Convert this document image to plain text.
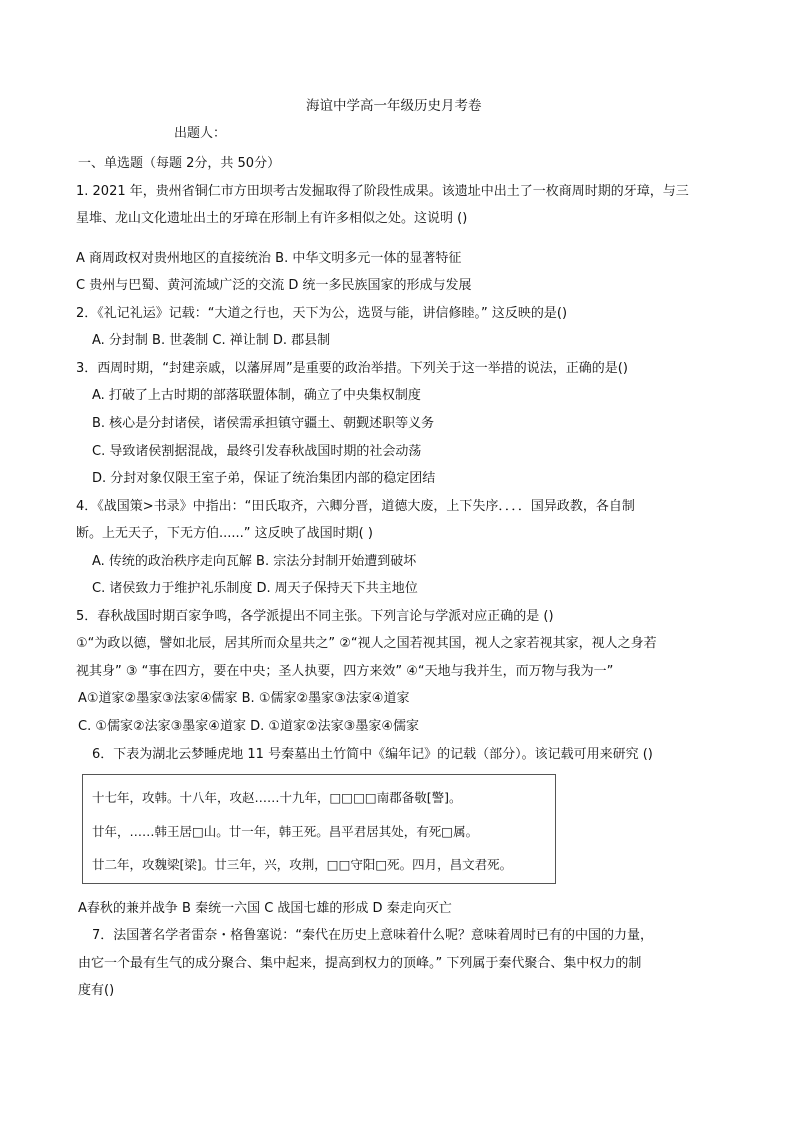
海谊中学高一年级历史月考卷
出题人：
一、单选题（每题 2分，共 50分）
1. 2021 年，贵州省铜仁市方田坝考古发掘取得了阶段性成果。该遗址中出土了一枚商周时期的牙璋，与三
星堆、龙山文化遗址出土的牙璋在形制上有许多相似之处。这说明 ()
A 商周政权对贵州地区的直接统治 B. 中华文明多元一体的显著特征
C 贵州与巴蜀、黄河流域广泛的交流 D 统一多民族国家的形成与发展
2．《礼记礼运》记载：“大道之行也，天下为公，选贤与能，讲信修睦。” 这反映的是()
A. 分封制 B. 世袭制 C. 禅让制 D. 郡县制
3．西周时期，“封建亲戚，以藩屏周”是重要的政治举措。下列关于这一举措的说法，正确的是()
A. 打破了上古时期的部落联盟体制，确立了中央集权制度
B. 核心是分封诸侯，诸侯需承担镇守疆土、朝觐述职等义务
C. 导致诸侯割据混战，最终引发春秋战国时期的社会动荡
D. 分封对象仅限王室子弟，保证了统治集团内部的稳定团结
4．《战国策>书录》中指出：“田氏取齐，六卿分晋，道德大废，上下失序．．．．国异政教，各自制
断。上无天子，下无方伯......” 这反映了战国时期( )
A. 传统的政治秩序走向瓦解 B. 宗法分封制开始遭到破坏
C. 诸侯致力于维护礼乐制度 D. 周天子保持天下共主地位
5．春秋战国时期百家争鸣，各学派提出不同主张。下列言论与学派对应正确的是 ()
①“为政以德，譬如北辰，居其所而众星共之” ②“视人之国若视其国，视人之家若视其家，视人之身若
视其身” ③ “事在四方，要在中央；圣人执要，四方来效” ④“天地与我并生，而万物与我为一”
A①道家②墨家③法家④儒家 B. ①儒家②墨家③法家④道家
C. ①儒家②法家③墨家④道家 D. ①道家②法家③墨家④儒家
6．下表为湖北云梦睡虎地 11 号秦墓出土竹简中《编年记》的记载（部分）。该记载可用来研究 ()
十七年，攻韩。十八年，攻赵……十九年，□□□□南郡备敬[警]。
廿年，……韩王居□山。廿一年，韩王死。昌平君居其处，有死□属。
廿二年，攻魏梁[梁]。廿三年，兴，攻荆，□□守阳□死。四月，昌文君死。
A春秋的兼并战争 B 秦统一六国 C 战国七雄的形成 D 秦走向灭亡
7．法国著名学者雷奈・格鲁塞说：“秦代在历史上意味着什么呢？意味着周时已有的中国的力量，
由它一个最有生气的成分聚合、集中起来，提高到权力的顶峰。” 下列属于秦代聚合、集中权力的制
度有()
